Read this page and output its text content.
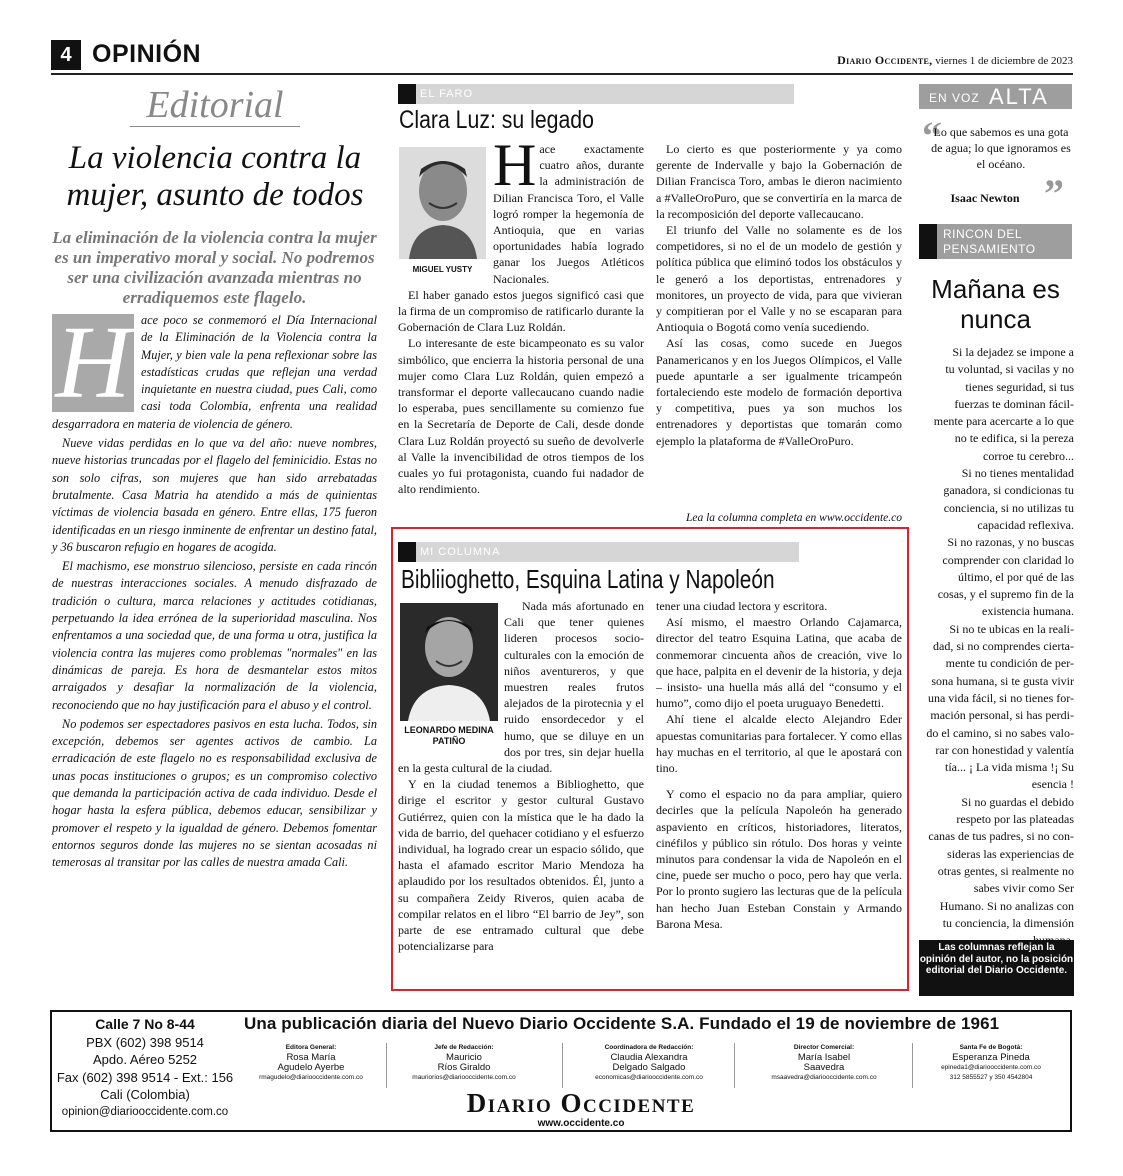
4 OPINIÓN	Diario Occidente, viernes 1 de diciembre de 2023
Editorial
La violencia contra la mujer, asunto de todos
La eliminación de la violencia contra la mujer es un imperativo moral y social. No podremos ser una civilización avanzada mientras no erradiquemos este flagelo.

ace poco se conmemoró el Día Internacional de la Eliminación de la Violencia contra la Mujer, y bien vale la pena reflexionar sobre las estadísticas crudas que reflejan una verdad inquietante en nuestra ciudad, pues Cali, como casi toda Colombia, enfrenta una realidad desgarradora en materia de violencia de género.

Nueve vidas perdidas en lo que va del año: nueve nombres, nueve historias truncadas por el flagelo del feminicidio. Estas no son solo cifras, son mujeres que han sido arrebatadas brutalmente. Casa Matria ha atendido a más de quinientas víctimas de violencia basada en género. Entre ellas, 175 fueron identificadas en un riesgo inminente de enfrentar un destino fatal, y 36 buscaron refugio en hogares de acogida.

El machismo, ese monstruo silencioso, persiste en cada rincón de nuestras interacciones sociales. A menudo disfrazado de tradición o cultura, marca relaciones y actitudes cotidianas, perpetuando la idea errónea de la superioridad masculina. Nos enfrentamos a una sociedad que, de una forma u otra, justifica la violencia contra las mujeres como problemas "normales" en las dinámicas de pareja. Es hora de desmantelar estos mitos arraigados y desafiar la normalización de la violencia, reconociendo que no hay justificación para el abuso y el control.

No podemos ser espectadores pasivos en esta lucha. Todos, sin excepción, debemos ser agentes activos de cambio. La erradicación de este flagelo no es responsabilidad exclusiva de unas pocas instituciones o grupos; es un compromiso colectivo que demanda la participación activa de cada individuo. Desde el hogar hasta la esfera pública, debemos educar, sensibilizar y promover el respeto y la igualdad de género. Debemos fomentar entornos seguros donde las mujeres no se sientan acosadas ni temerosas al transitar por las calles de nuestra amada Cali.

H
EL FARO
Clara Luz: su legado

Hace exactamente cuatro años, durante la administración de Dilian Francisca Toro, el Valle logró romper la hegemonía de Antioquia, que en varias oportunidades había logrado ganar los Juegos Atléticos Nacionales.

El haber ganado estos juegos significó casi que la firma de un compromiso de ratificarlo durante la Gobernación de Clara Luz Roldán.

Lo interesante de este bicampeonato es su valor simbólico, que encierra la historia personal de una mujer como Clara Luz Roldán, quien empezó a transformar el deporte vallecaucano cuando nadie lo esperaba, pues sencillamente su comienzo fue en la Secretaría de Deporte de Cali, desde donde Clara Luz Roldán proyectó su sueño de devolverle al Valle la invencibilidad de otros tiempos de los cuales yo fui protagonista, cuando fui nadador de alto rendimiento.

MIGUEL YUSTY

Lo cierto es que posteriormente y ya como gerente de Indervalle y bajo la Gobernación de Dilian Francisca Toro, ambas le dieron nacimiento a #ValleOroPuro, que se convertiría en la marca de la recomposición del deporte vallecaucano.

El triunfo del Valle no solamente es de los competidores, si no el de un modelo de gestión y política pública que eliminó todos los obstáculos y le generó a los deportistas, entrenadores y monitores, un proyecto de vida, para que vivieran y compitieran por el Valle y no se escaparan para Antioquia o Bogotá como venía sucediendo.

Así las cosas, como sucede en Juegos Panamericanos y en los Juegos Olímpicos, el Valle puede apuntarle a ser igualmente tricampeón fortaleciendo este modelo de formación deportiva y competitiva, pues ya son muchos los entrenadores y deportistas que tomarán como ejemplo la plataforma de #ValleOroPuro.

Lea la columna completa en www.occidente.co
MI COLUMNA
Bibliioghetto, Esquina Latina y Napoleón

Nada más afortunado en Cali que tener quienes lideren procesos socio-culturales con la emoción de niños aventureros, y que muestren reales frutos alejados de la pirotecnia y el ruido ensordecedor y el humo, que se diluye en un dos por tres, sin dejar huella en la gesta cultural de la ciudad.

Y en la ciudad tenemos a Biblioghetto, que dirige el escritor y gestor cultural Gustavo Gutiérrez, quien con la mística que le ha dado la vida de barrio, del quehacer cotidiano y el esfuerzo individual, ha logrado crear un espacio sólido, que hasta el afamado escritor Mario Mendoza ha aplaudido por los resultados obtenidos. Él, junto a su compañera Zeidy Riveros, quien acaba de compilar relatos en el libro “El barrio de Jey”, son parte de ese entramado cultural que debe potencializarse para

LEONARDO MEDINA PATIÑO

tener una ciudad lectora y escritora.

Así mismo, el maestro Orlando Cajamarca, director del teatro Esquina Latina, que acaba de conmemorar cincuenta años de creación, vive lo que hace, palpita en el devenir de la historia, y deja – insisto- una huella más allá del “consumo y el humo”, como dijo el poeta uruguayo Benedetti.

Ahí tiene el alcalde electo Alejandro Eder apuestas comunitarias para fortalecer. Y como ellas hay muchas en el territorio, al que le apostará con tino.

Y como el espacio no da para ampliar, quiero decirles que la película Napoleón ha generado aspaviento en críticos, historiadores, literatos, cinéfilos y público sin rótulo. Dos horas y veinte minutos para condensar la vida de Napoleón en el cine, puede ser mucho o poco, pero hay que verla. Por lo pronto sugiero las lecturas que de la película han hecho Juan Esteban Constain y Armando Barona Mesa.

EN VOZ ALTA
“
Lo que sabemos es una gota de agua; lo que ignoramos es el océano.
Isaac Newton ”
RINCON DEL PENSAMIENTO
Mañana es nunca
Si la dejadez se impone a
tu voluntad, si vacilas y no
tienes seguridad, si tus
fuerzas te dominan fácil-
mente para acercarte a lo que
no te edifica, si la pereza
corroe tu cerebro...
Si no tienes mentalidad
ganadora, si condicionas tu
conciencia, si no utilizas tu
capacidad reflexiva.
Si no razonas, y no buscas
comprender con claridad lo
último, el por qué de las
cosas, y el supremo fin de la
existencia humana.
Si no te ubicas en la reali-
dad, si no comprendes cierta-
mente tu condición de per-
sona humana, si te gusta vivir
una vida fácil, si no tienes for-
mación personal, si has perdi-
do el camino, si no sabes valo-
rar con honestidad y valentía
tía... ¡ La vida misma !¡ Su
esencia !
Si no guardas el debido
respeto por las plateadas
canas de tus padres, si no con-
sideras las experiencias de
otras gentes, si realmente no
sabes vivir como Ser
Humano. Si no analizas con
tu conciencia, la dimensión
Las columnas reflejan la opinión del autor, no la posición editorial del Diario Occidente.
Calle 7 No 8-44
PBX (602) 398 9514
Apdo. Aéreo 5252
Fax (602) 398 9514 - Ext.: 156
Cali (Colombia)
opinion@diariooccidente.com.co
Una publicación diaria del Nuevo Diario Occidente S.A. Fundado el 19 de noviembre de 1961
Editora General:
Rosa María
Agudelo Ayerbe
rmagudelo@diariooccidente.com.co
Jefe de Redacción:
Mauricio
Ríos Giraldo
mauriorios@diariooccidente.com.co
Coordinadora de Redacción:
Claudia Alexandra
Delgado Salgado
economicas@diariooccidente.com.co
Director Comercial:
María Isabel
Saavedra
msaavedra@diariooccidente.com.co
Santa Fe de Bogotá:
Esperanza Pineda
epineda1@diariooccidente.com.co
312 5855527 y 350 4542804
Diario Occidente
www.occidente.co
